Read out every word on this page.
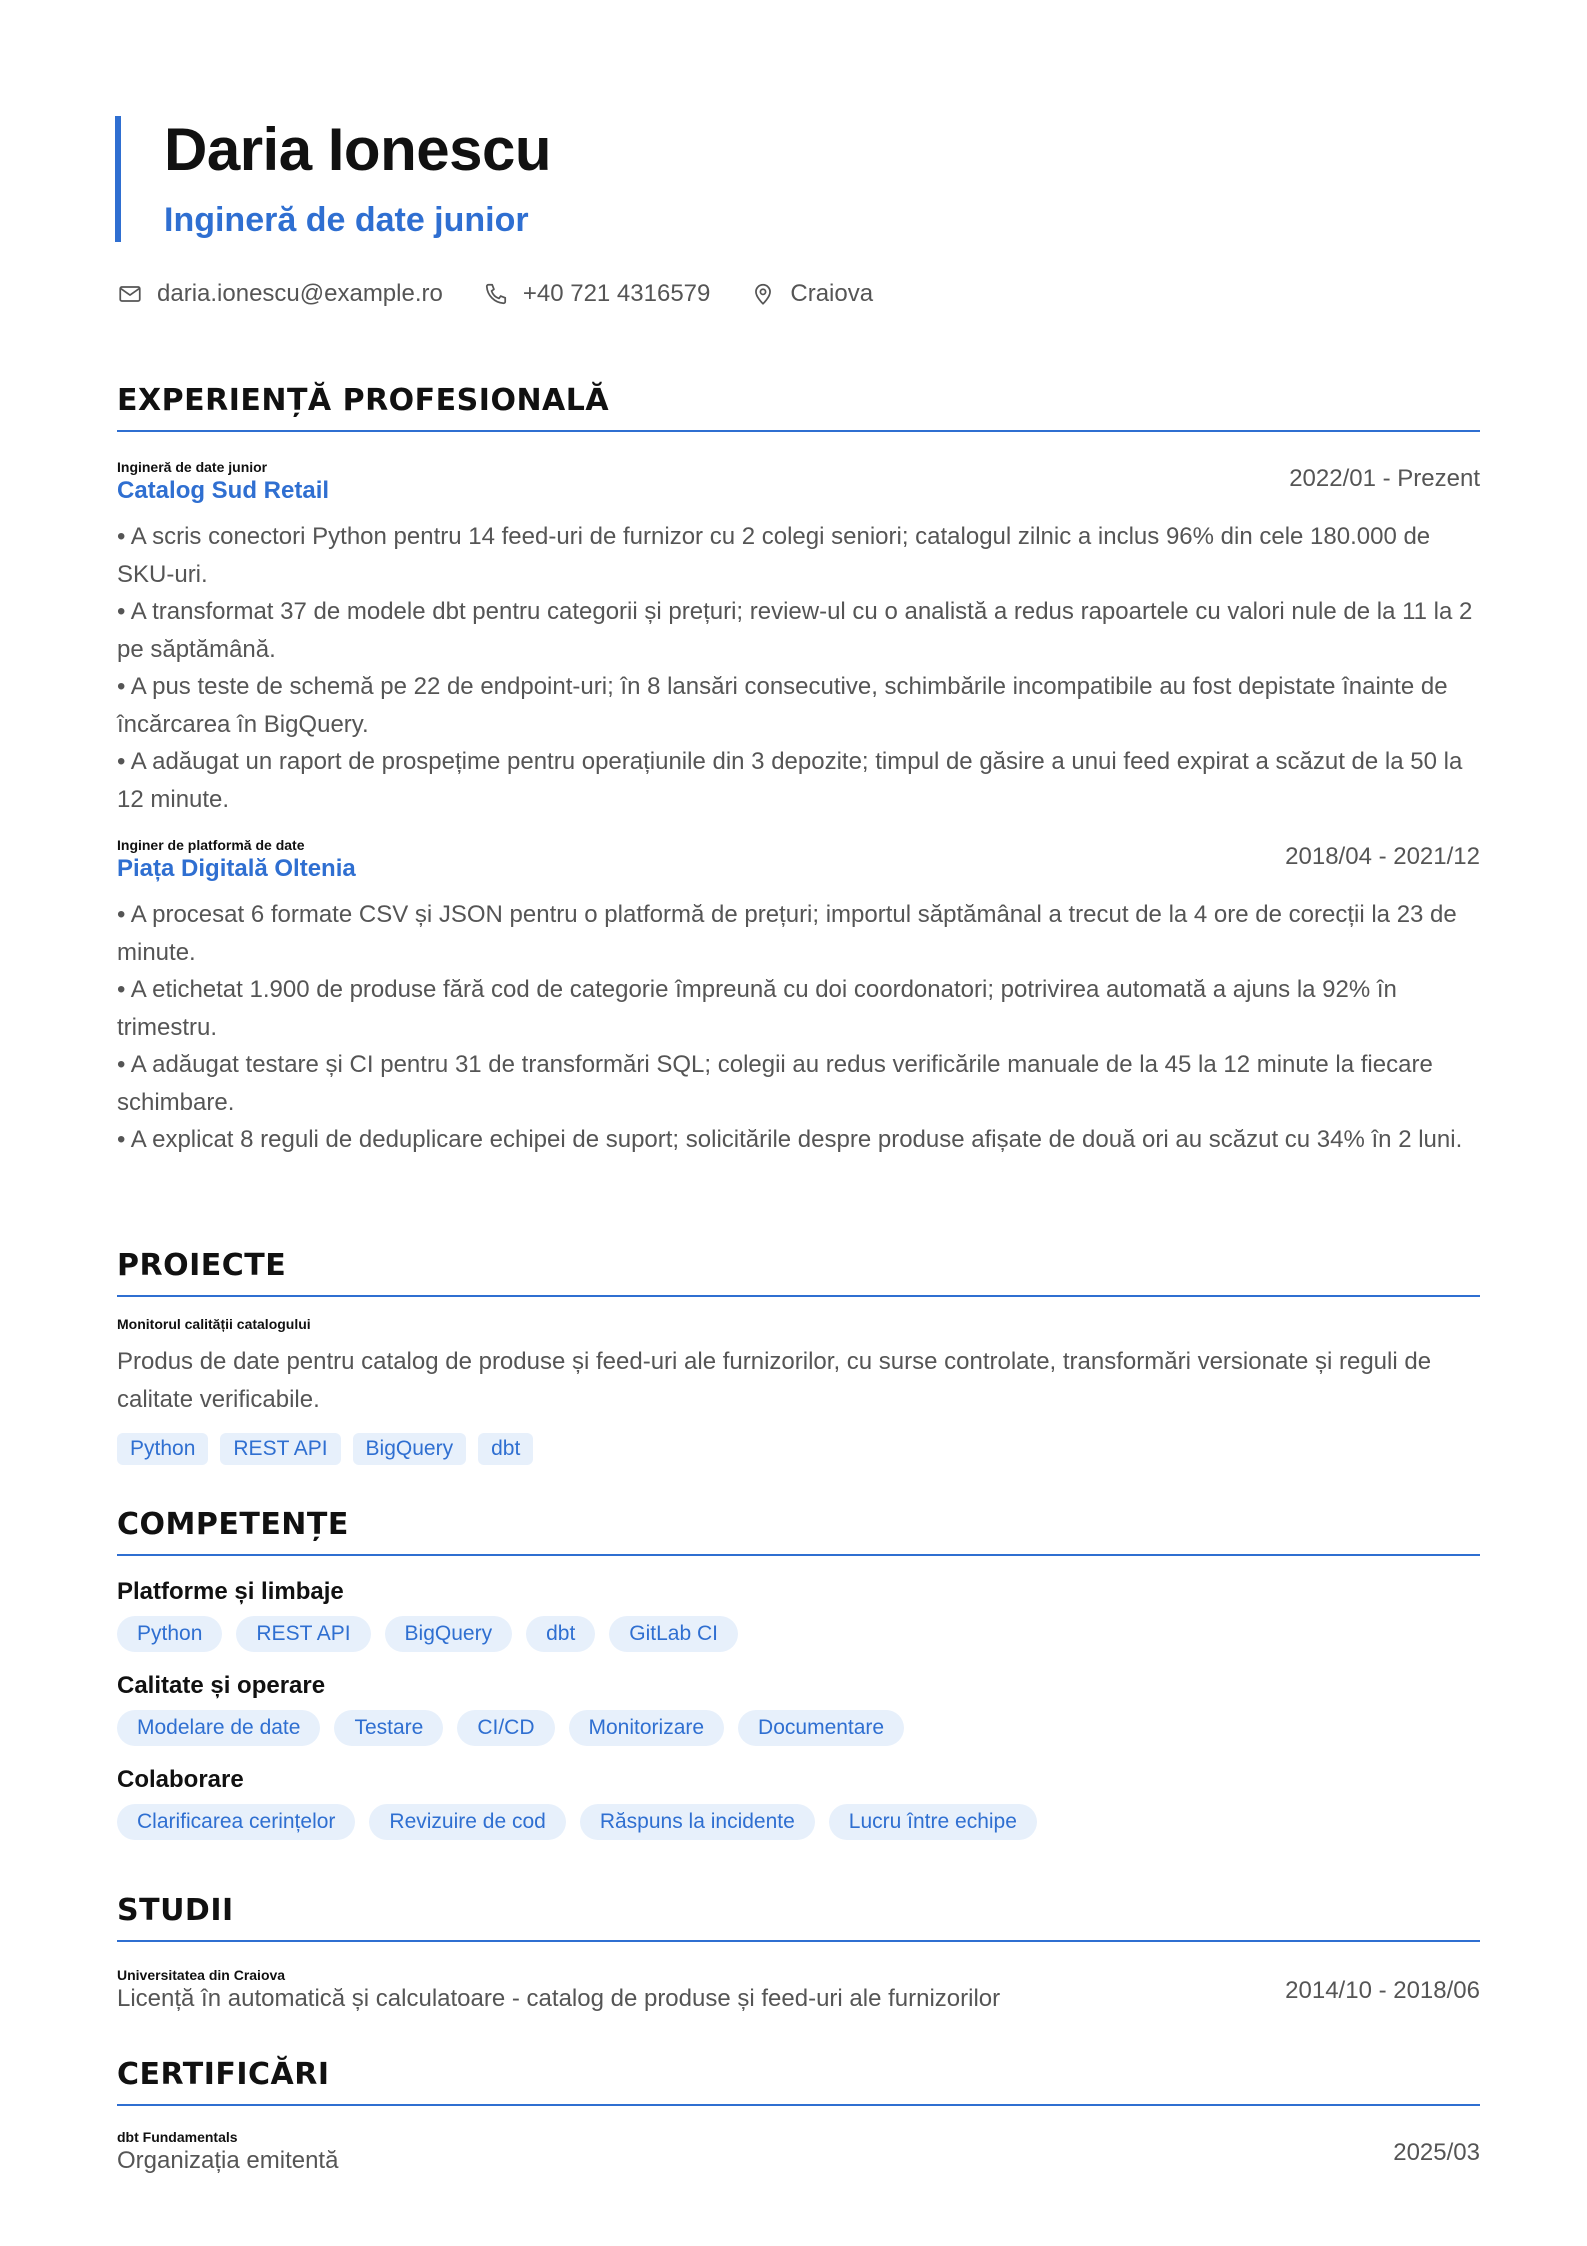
Daria Ionescu
Ingineră de date junior
daria.ionescu@example.ro	+40 721 4316579	Craiova
EXPERIENȚĂ PROFESIONALĂ
Ingineră de date junior
Catalog Sud Retail	2022/01 - Prezent
• A scris conectori Python pentru 14 feed-uri de furnizor cu 2 colegi seniori; catalogul zilnic a inclus 96% din cele 180.000 de SKU-uri.
• A transformat 37 de modele dbt pentru categorii și prețuri; review-ul cu o analistă a redus rapoartele cu valori nule de la 11 la 2 pe săptămână.
• A pus teste de schemă pe 22 de endpoint-uri; în 8 lansări consecutive, schimbările incompatibile au fost depistate înainte de încărcarea în BigQuery.
• A adăugat un raport de prospețime pentru operațiunile din 3 depozite; timpul de găsire a unui feed expirat a scăzut de la 50 la 12 minute.
Inginer de platformă de date
Piața Digitală Oltenia	2018/04 - 2021/12
• A procesat 6 formate CSV și JSON pentru o platformă de prețuri; importul săptămânal a trecut de la 4 ore de corecții la 23 de minute.
• A etichetat 1.900 de produse fără cod de categorie împreună cu doi coordonatori; potrivirea automată a ajuns la 92% în trimestru.
• A adăugat testare și CI pentru 31 de transformări SQL; colegii au redus verificările manuale de la 45 la 12 minute la fiecare schimbare.
• A explicat 8 reguli de deduplicare echipei de suport; solicitările despre produse afișate de două ori au scăzut cu 34% în 2 luni.
PROIECTE
Monitorul calității catalogului
Produs de date pentru catalog de produse și feed-uri ale furnizorilor, cu surse controlate, transformări versionate și reguli de calitate verificabile.
Python	REST API	BigQuery	dbt
COMPETENȚE
Platforme și limbaje
Python	REST API	BigQuery	dbt	GitLab CI
Calitate și operare
Modelare de date	Testare	CI/CD	Monitorizare	Documentare
Colaborare
Clarificarea cerințelor	Revizuire de cod	Răspuns la incidente	Lucru între echipe
STUDII
Universitatea din Craiova
Licență în automatică și calculatoare - catalog de produse și feed-uri ale furnizorilor	2014/10 - 2018/06
CERTIFICĂRI
dbt Fundamentals
Organizația emitentă	2025/03
